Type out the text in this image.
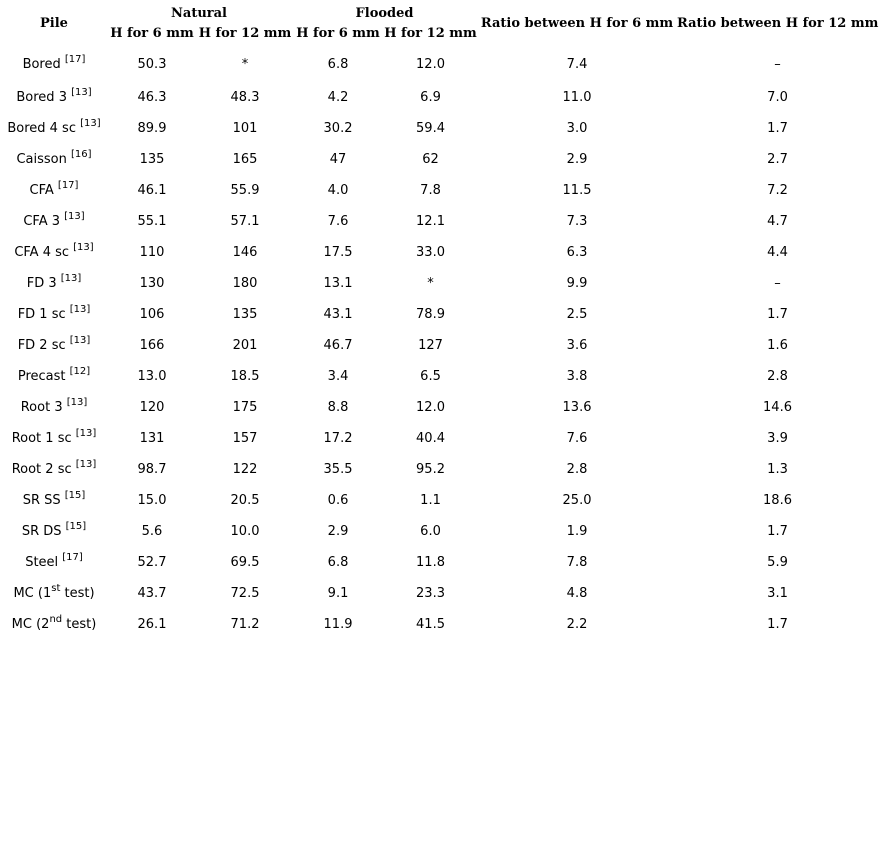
Pile	Natural		Flooded		Ratio between H for 6 mm	Ratio between H for 12 mm
	H for 6 mm	H for 12 mm	H for 6 mm	H for 12 mm		
Bored [17]	50.3	*	6.8	12.0	7.4	–
Bored 3 [13]	46.3	48.3	4.2	6.9	11.0	7.0
Bored 4 sc [13]	89.9	101	30.2	59.4	3.0	1.7
Caisson [16]	135	165	47	62	2.9	2.7
CFA [17]	46.1	55.9	4.0	7.8	11.5	7.2
CFA 3 [13]	55.1	57.1	7.6	12.1	7.3	4.7
CFA 4 sc [13]	110	146	17.5	33.0	6.3	4.4
FD 3 [13]	130	180	13.1	*	9.9	–
FD 1 sc [13]	106	135	43.1	78.9	2.5	1.7
FD 2 sc [13]	166	201	46.7	127	3.6	1.6
Precast [12]	13.0	18.5	3.4	6.5	3.8	2.8
Root 3 [13]	120	175	8.8	12.0	13.6	14.6
Root 1 sc [13]	131	157	17.2	40.4	7.6	3.9
Root 2 sc [13]	98.7	122	35.5	95.2	2.8	1.3
SR SS [15]	15.0	20.5	0.6	1.1	25.0	18.6
SR DS [15]	5.6	10.0	2.9	6.0	1.9	1.7
Steel [17]	52.7	69.5	6.8	11.8	7.8	5.9
MC (1st test)	43.7	72.5	9.1	23.3	4.8	3.1
MC (2nd test)	26.1	71.2	11.9	41.5	2.2	1.7
